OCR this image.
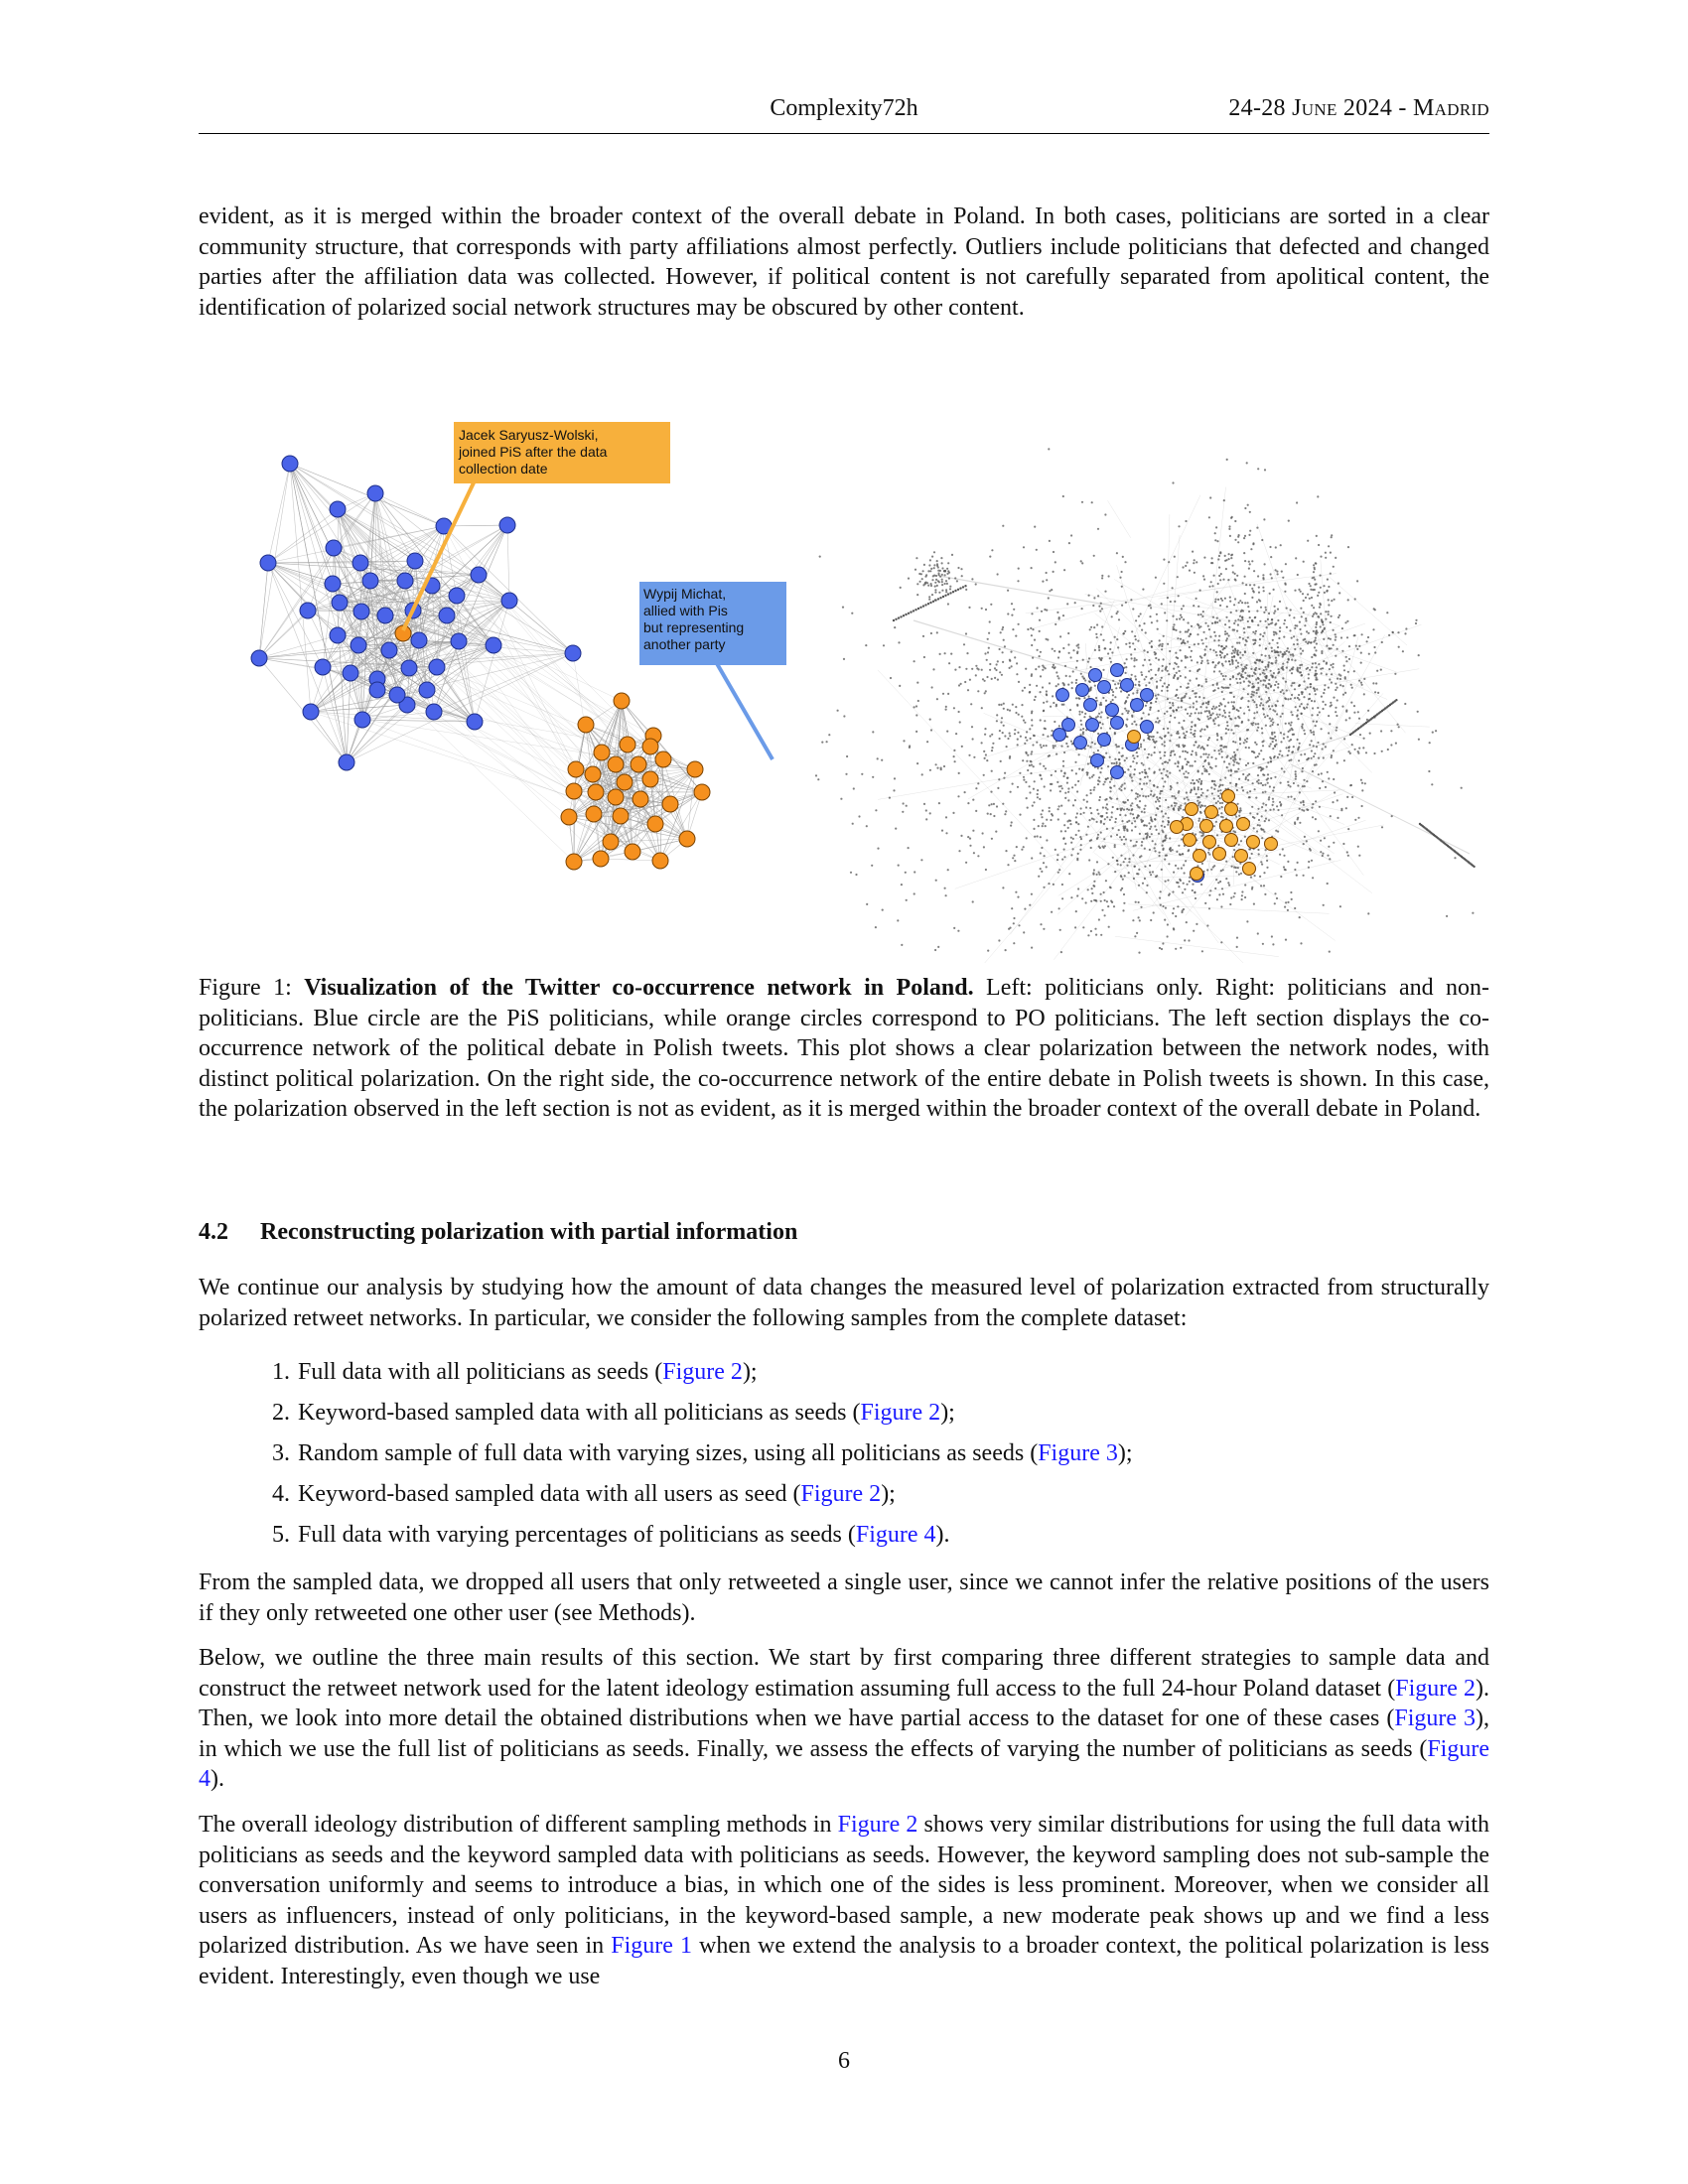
Complexity72h	24-28 June 2024 - Madrid

evident, as it is merged within the broader context of the overall debate in Poland. In both cases, politicians are sorted in a clear community structure, that corresponds with party affiliations almost perfectly. Outliers include politicians that defected and changed parties after the affiliation data was collected. However, if political content is not carefully separated from apolitical content, the identification of polarized social network structures may be obscured by other content.

Jacek Saryusz-Wolski, joined PiS after the data collection date
Wypij Michat, allied with Pis but representing another party

Figure 1: Visualization of the Twitter co-occurrence network in Poland. Left: politicians only. Right: politicians and non-politicians. Blue circle are the PiS politicians, while orange circles correspond to PO politicians. The left section displays the co-occurrence network of the political debate in Polish tweets. This plot shows a clear polarization between the network nodes, with distinct political polarization. On the right side, the co-occurrence network of the entire debate in Polish tweets is shown. In this case, the polarization observed in the left section is not as evident, as it is merged within the broader context of the overall debate in Poland.

4.2 Reconstructing polarization with partial information

We continue our analysis by studying how the amount of data changes the measured level of polarization extracted from structurally polarized retweet networks. In particular, we consider the following samples from the complete dataset:

1. Full data with all politicians as seeds (Figure 2);
2. Keyword-based sampled data with all politicians as seeds (Figure 2);
3. Random sample of full data with varying sizes, using all politicians as seeds (Figure 3);
4. Keyword-based sampled data with all users as seed (Figure 2);
5. Full data with varying percentages of politicians as seeds (Figure 4).

From the sampled data, we dropped all users that only retweeted a single user, since we cannot infer the relative positions of the users if they only retweeted one other user (see Methods).

Below, we outline the three main results of this section. We start by first comparing three different strategies to sample data and construct the retweet network used for the latent ideology estimation assuming full access to the full 24-hour Poland dataset (Figure 2). Then, we look into more detail the obtained distributions when we have partial access to the dataset for one of these cases (Figure 3), in which we use the full list of politicians as seeds. Finally, we assess the effects of varying the number of politicians as seeds (Figure 4).

The overall ideology distribution of different sampling methods in Figure 2 shows very similar distributions for using the full data with politicians as seeds and the keyword sampled data with politicians as seeds. However, the keyword sampling does not sub-sample the conversation uniformly and seems to introduce a bias, in which one of the sides is less prominent. Moreover, when we consider all users as influencers, instead of only politicians, in the keyword-based sample, a new moderate peak shows up and we find a less polarized distribution. As we have seen in Figure 1 when we extend the analysis to a broader context, the political polarization is less evident. Interestingly, even though we use

6
